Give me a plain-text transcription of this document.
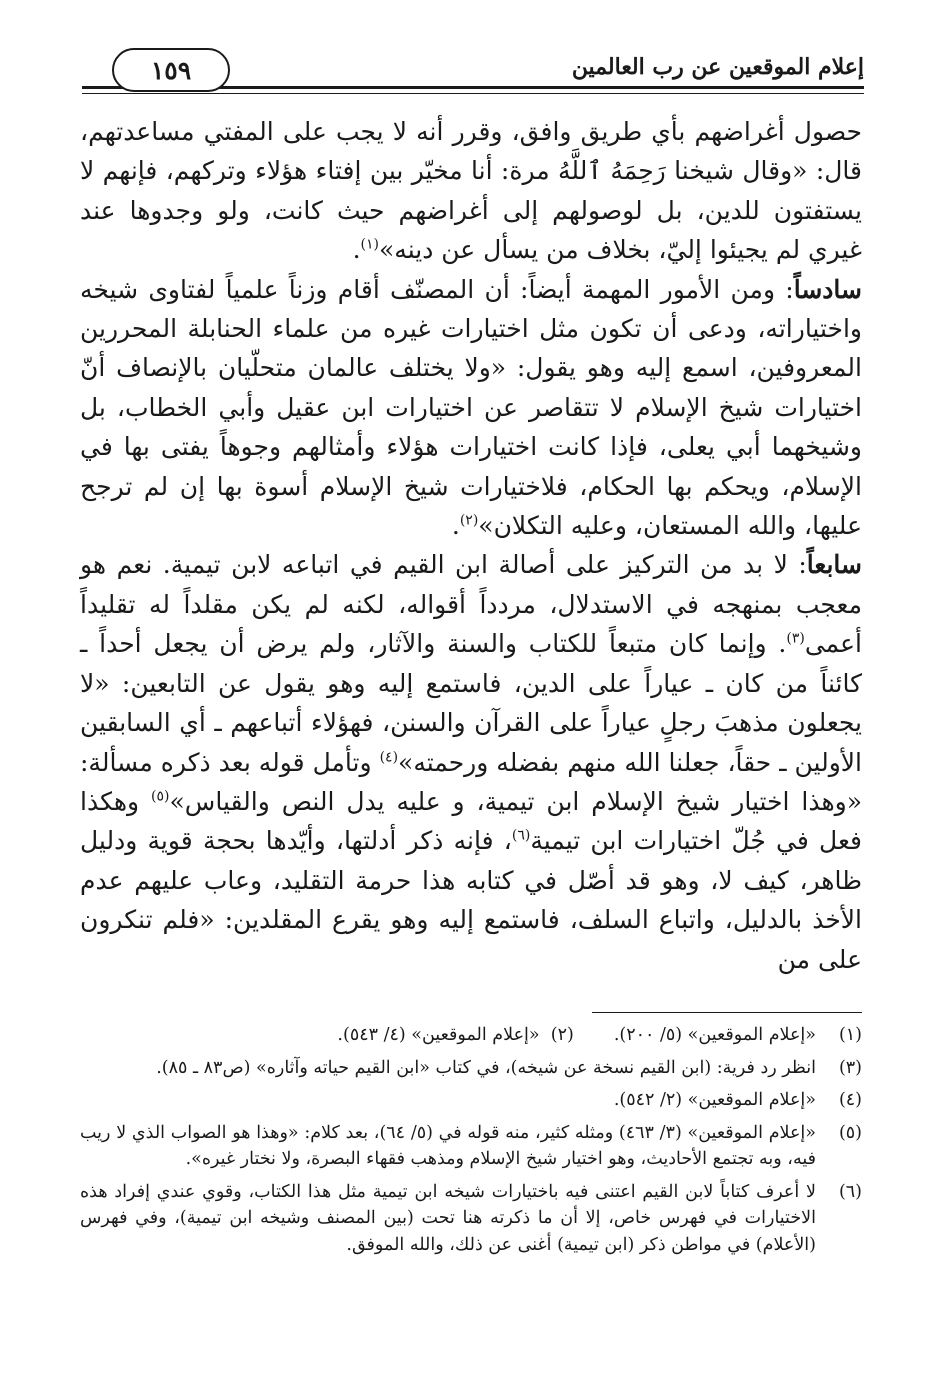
إعلام الموقعين عن رب العالمين
١٥٩

حصول أغراضهم بأي طريق وافق، وقرر أنه لا يجب على المفتي مساعدتهم، قال: «وقال شيخنا رَحِمَهُ ٱللَّهُ مرة: أنا مخيّر بين إفتاء هؤلاء وتركهم، فإنهم لا يستفتون للدين، بل لوصولهم إلى أغراضهم حيث كانت، ولو وجدوها عند غيري لم يجيئوا إليّ، بخلاف من يسأل عن دينه»$^{(١)}$.

سادساً: ومن الأمور المهمة أيضاً: أن المصنّف أقام وزناً علمياً لفتاوى شيخه واختياراته، ودعى أن تكون مثل اختيارات غيره من علماء الحنابلة المحررين المعروفين، اسمع إليه وهو يقول: «ولا يختلف عالمان متحلّيان بالإنصاف أنّ اختيارات شيخ الإسلام لا تتقاصر عن اختيارات ابن عقيل وأبي الخطاب، بل وشيخهما أبي يعلى، فإذا كانت اختيارات هؤلاء وأمثالهم وجوهاً يفتى بها في الإسلام، ويحكم بها الحكام، فلاختيارات شيخ الإسلام أسوة بها إن لم ترجح عليها، والله المستعان، وعليه التكلان»$^{(٢)}$.

سابعاً: لا بد من التركيز على أصالة ابن القيم في اتباعه لابن تيمية. نعم هو معجب بمنهجه في الاستدلال، مردداً أقواله، لكنه لم يكن مقلداً له تقليداً أعمى$^{(٣)}$. وإنما كان متبعاً للكتاب والسنة والآثار، ولم يرض أن يجعل أحداً ـ كائناً من كان ـ عياراً على الدين، فاستمع إليه وهو يقول عن التابعين: «لا يجعلون مذهبَ رجلٍ عياراً على القرآن والسنن، فهؤلاء أتباعهم ـ أي السابقين الأولين ـ حقاً، جعلنا الله منهم بفضله ورحمته»$^{(٤)}$ وتأمل قوله بعد ذكره مسألة: «وهذا اختيار شيخ الإسلام ابن تيمية، و عليه يدل النص والقياس»$^{(٥)}$ وهكذا فعل في جُلّ اختيارات ابن تيمية$^{(٦)}$، فإنه ذكر أدلتها، وأيّدها بحجة قوية ودليل ظاهر، كيف لا، وهو قد أصّل في كتابه هذا حرمة التقليد، وعاب عليهم عدم الأخذ بالدليل، واتباع السلف، فاستمع إليه وهو يقرع المقلدين: «فلم تنكرون على من

(١)
«إعلام الموقعين» (٥/ ٢٠٠).(٢)  «إعلام الموقعين» (٤/ ٥٤٣).
(٣)
انظر رد فرية: (ابن القيم نسخة عن شيخه)، في كتاب «ابن القيم حياته وآثاره» (ص٨٣ ـ ٨٥).
(٤)
«إعلام الموقعين» (٢/ ٥٤٢).
(٥)
«إعلام الموقعين» (٣/ ٤٦٣) ومثله كثير، منه قوله في (٥/ ٦٤)، بعد كلام: «وهذا هو الصواب الذي لا ريب فيه، وبه تجتمع الأحاديث، وهو اختيار شيخ الإسلام ومذهب فقهاء البصرة، ولا نختار غيره».
(٦)
لا أعرف كتاباً لابن القيم اعتنى فيه باختيارات شيخه ابن تيمية مثل هذا الكتاب، وقوي عندي إفراد هذه الاختيارات في فهرس خاص، إلا أن ما ذكرته هنا تحت (بين المصنف وشيخه ابن تيمية)، وفي فهرس (الأعلام) في مواطن ذكر (ابن تيمية) أغنى عن ذلك، والله الموفق.
